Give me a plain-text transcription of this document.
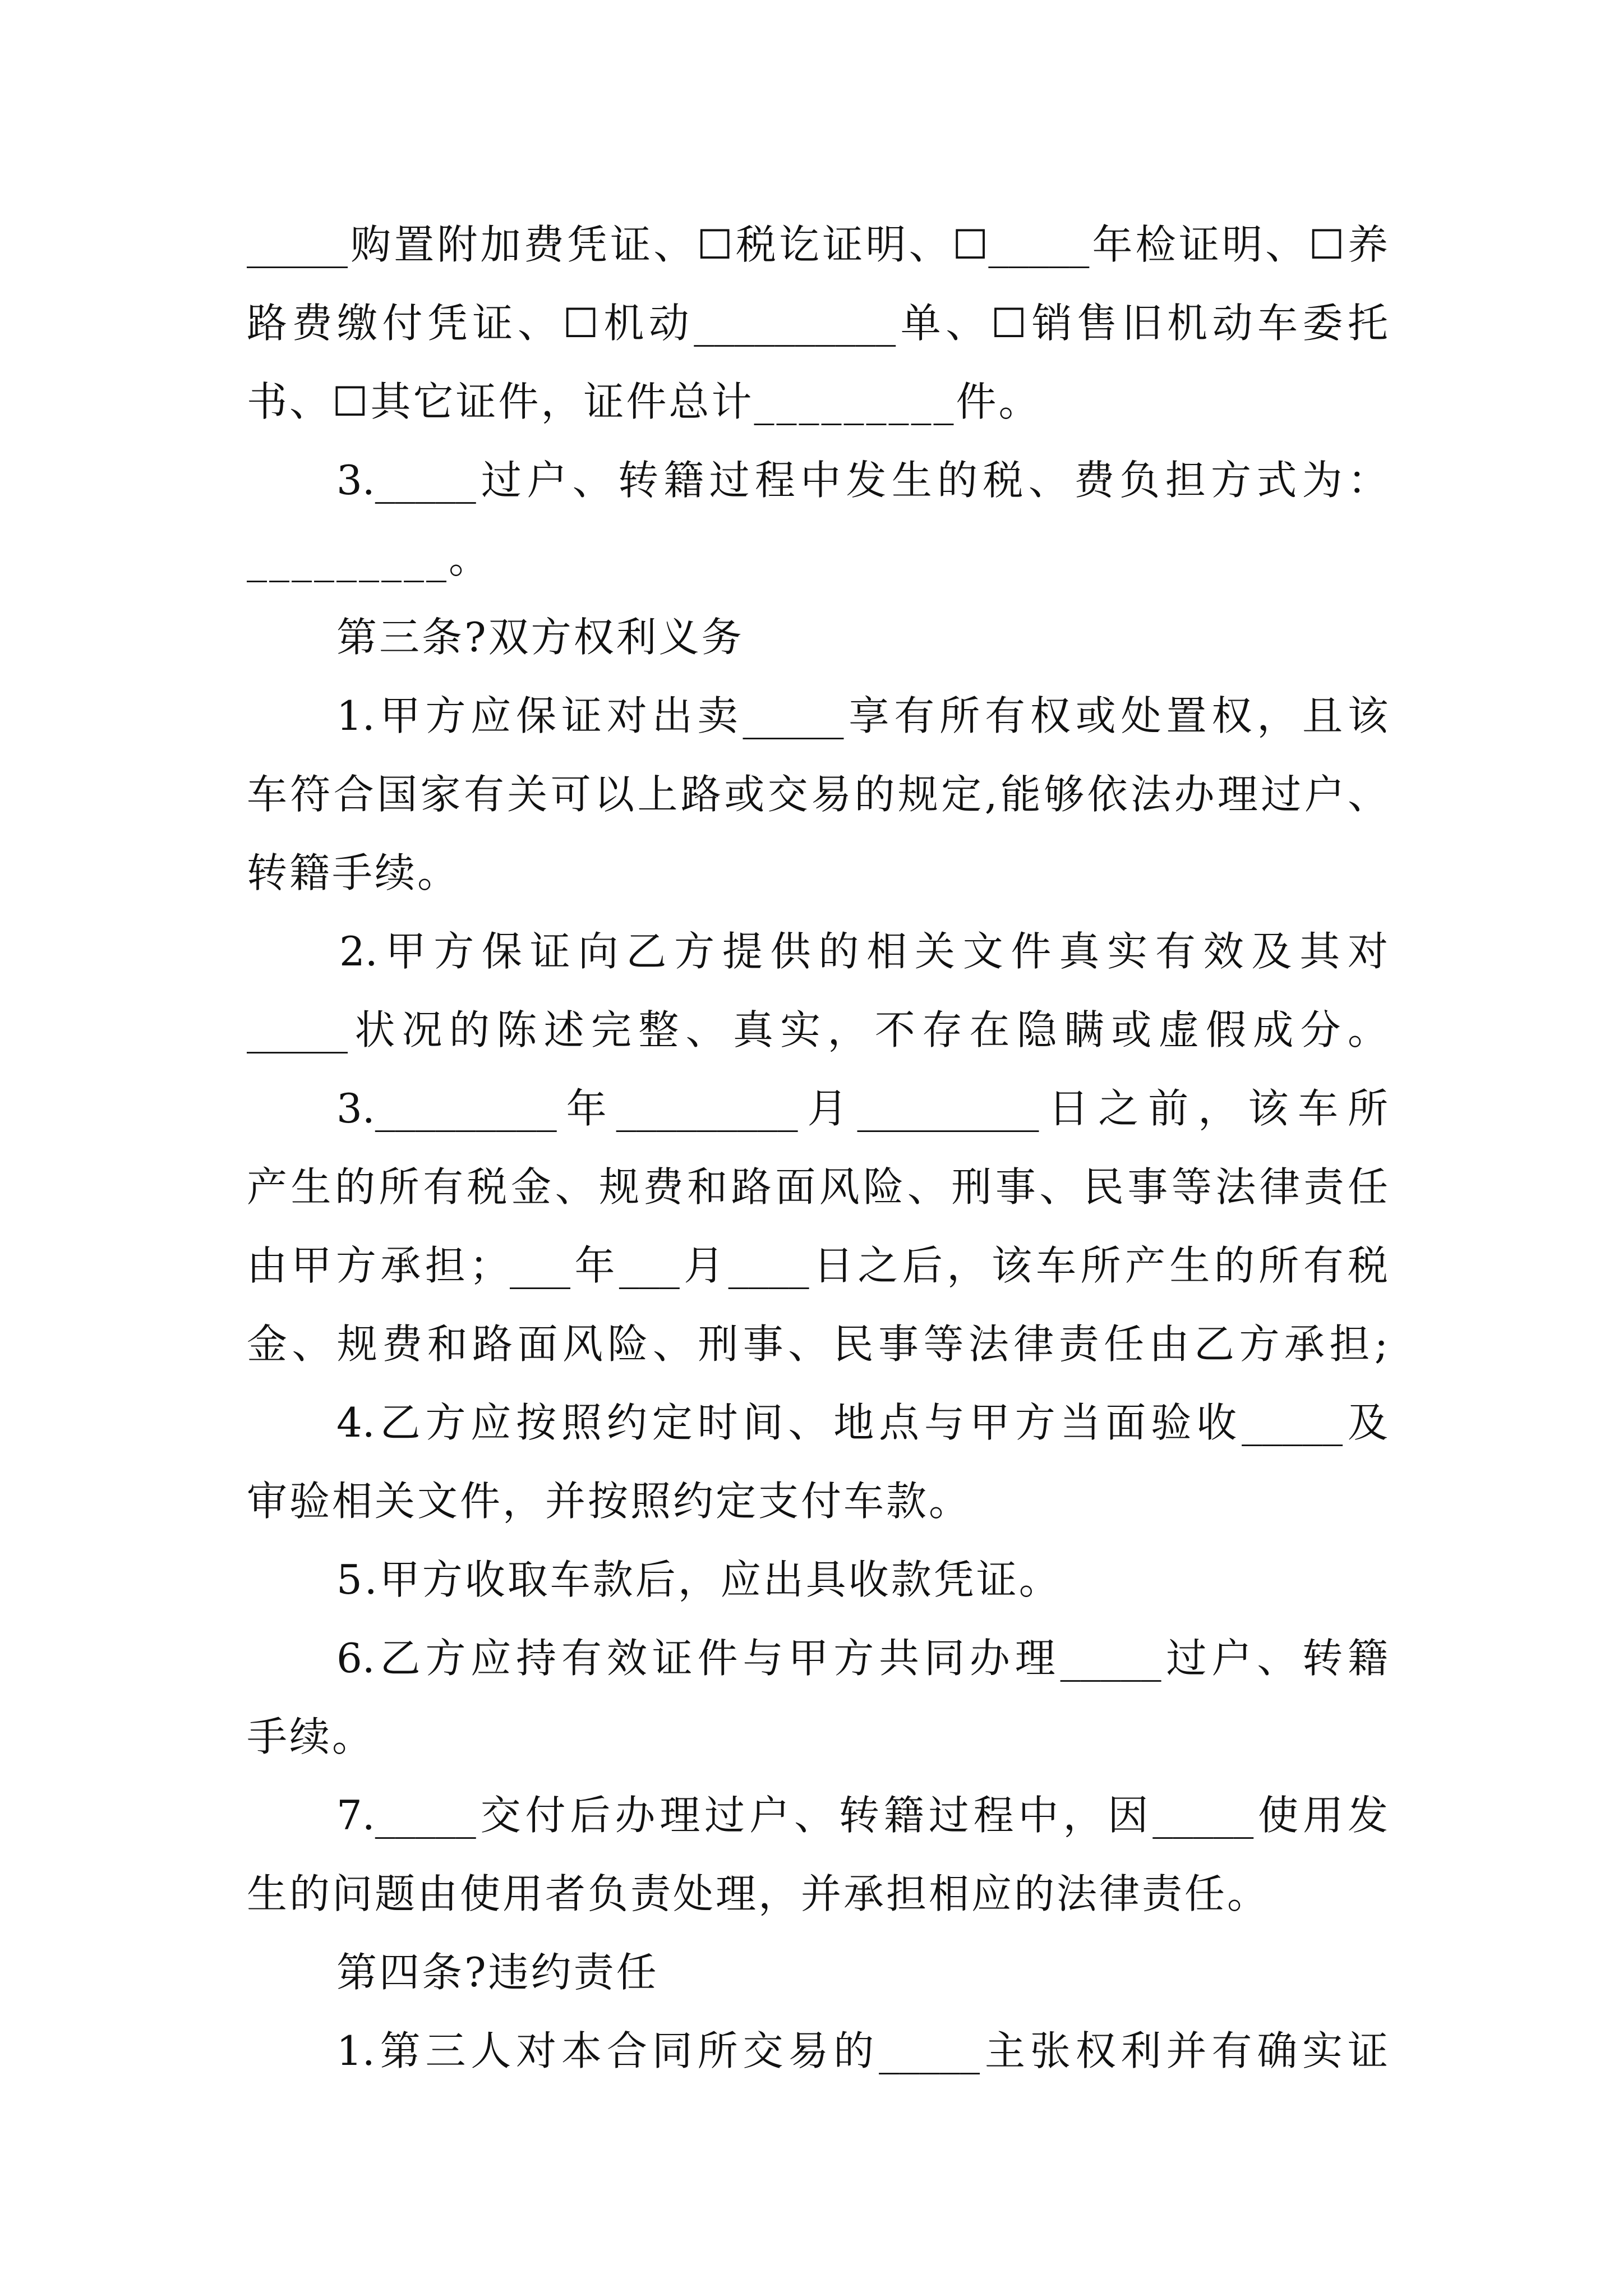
_____购置附加费凭证、☐税讫证明、☐_____年检证明、☐养
路费缴付凭证、☐机动__________单、☐销售旧机动车委托
书、☐其它证件，证件总计_________件。
3._____过户、转籍过程中发生的税、费负担方式为：
_________。
第三条?双方权利义务
1.甲方应保证对出卖_____享有所有权或处置权，且该
车符合国家有关可以上路或交易的规定,能够依法办理过户、
转籍手续。
2.甲方保证向乙方提供的相关文件真实有效及其对
_____状况的陈述完整、真实，不存在隐瞒或虚假成分。
3._________年_________月_________日之前，该车所
产生的所有税金、规费和路面风险、刑事、民事等法律责任
由甲方承担；___年___月____日之后，该车所产生的所有税
金、规费和路面风险、刑事、民事等法律责任由乙方承担;
4.乙方应按照约定时间、地点与甲方当面验收_____及
审验相关文件，并按照约定支付车款。
5.甲方收取车款后，应出具收款凭证。
6.乙方应持有效证件与甲方共同办理_____过户、转籍
手续。
7._____交付后办理过户、转籍过程中，因_____使用发
生的问题由使用者负责处理，并承担相应的法律责任。
第四条?违约责任
1.第三人对本合同所交易的_____主张权利并有确实证
